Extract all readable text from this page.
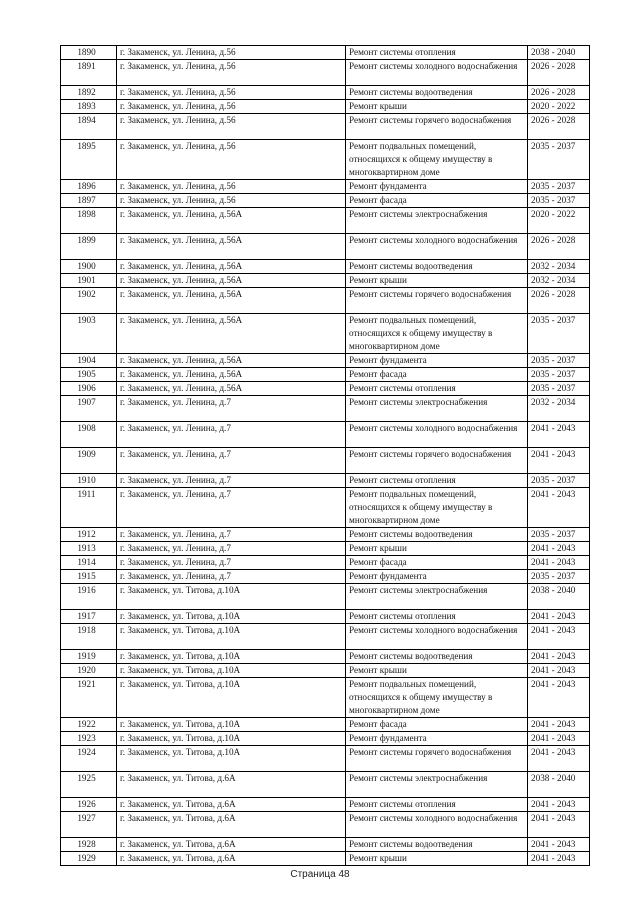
1890	г. Закаменск, ул. Ленина, д.56	Ремонт системы отопления	2038 - 2040
1891	г. Закаменск, ул. Ленина, д.56	Ремонт системы холодного водоснабжения	2026 - 2028
1892	г. Закаменск, ул. Ленина, д.56	Ремонт системы водоотведения	2026 - 2028
1893	г. Закаменск, ул. Ленина, д.56	Ремонт крыши	2020 - 2022
1894	г. Закаменск, ул. Ленина, д.56	Ремонт системы горячего водоснабжения	2026 - 2028
1895	г. Закаменск, ул. Ленина, д.56	Ремонт подвальных помещений, относящихся к общему имуществу в многоквартирном доме	2035 - 2037
1896	г. Закаменск, ул. Ленина, д.56	Ремонт фундамента	2035 - 2037
1897	г. Закаменск, ул. Ленина, д.56	Ремонт фасада	2035 - 2037
1898	г. Закаменск, ул. Ленина, д.56А	Ремонт системы электроснабжения	2020 - 2022
1899	г. Закаменск, ул. Ленина, д.56А	Ремонт системы холодного водоснабжения	2026 - 2028
1900	г. Закаменск, ул. Ленина, д.56А	Ремонт системы водоотведения	2032 - 2034
1901	г. Закаменск, ул. Ленина, д.56А	Ремонт крыши	2032 - 2034
1902	г. Закаменск, ул. Ленина, д.56А	Ремонт системы горячего водоснабжения	2026 - 2028
1903	г. Закаменск, ул. Ленина, д.56А	Ремонт подвальных помещений, относящихся к общему имуществу в многоквартирном доме	2035 - 2037
1904	г. Закаменск, ул. Ленина, д.56А	Ремонт фундамента	2035 - 2037
1905	г. Закаменск, ул. Ленина, д.56А	Ремонт фасада	2035 - 2037
1906	г. Закаменск, ул. Ленина, д.56А	Ремонт системы отопления	2035 - 2037
1907	г. Закаменск, ул. Ленина, д.7	Ремонт системы электроснабжения	2032 - 2034
1908	г. Закаменск, ул. Ленина, д.7	Ремонт системы холодного водоснабжения	2041 - 2043
1909	г. Закаменск, ул. Ленина, д.7	Ремонт системы горячего водоснабжения	2041 - 2043
1910	г. Закаменск, ул. Ленина, д.7	Ремонт системы отопления	2035 - 2037
1911	г. Закаменск, ул. Ленина, д.7	Ремонт подвальных помещений, относящихся к общему имуществу в многоквартирном доме	2041 - 2043
1912	г. Закаменск, ул. Ленина, д.7	Ремонт системы водоотведения	2035 - 2037
1913	г. Закаменск, ул. Ленина, д.7	Ремонт крыши	2041 - 2043
1914	г. Закаменск, ул. Ленина, д.7	Ремонт фасада	2041 - 2043
1915	г. Закаменск, ул. Ленина, д.7	Ремонт фундамента	2035 - 2037
1916	г. Закаменск, ул. Титова, д.10А	Ремонт системы электроснабжения	2038 - 2040
1917	г. Закаменск, ул. Титова, д.10А	Ремонт системы отопления	2041 - 2043
1918	г. Закаменск, ул. Титова, д.10А	Ремонт системы холодного водоснабжения	2041 - 2043
1919	г. Закаменск, ул. Титова, д.10А	Ремонт системы водоотведения	2041 - 2043
1920	г. Закаменск, ул. Титова, д.10А	Ремонт крыши	2041 - 2043
1921	г. Закаменск, ул. Титова, д.10А	Ремонт подвальных помещений, относящихся к общему имуществу в многоквартирном доме	2041 - 2043
1922	г. Закаменск, ул. Титова, д.10А	Ремонт фасада	2041 - 2043
1923	г. Закаменск, ул. Титова, д.10А	Ремонт фундамента	2041 - 2043
1924	г. Закаменск, ул. Титова, д.10А	Ремонт системы горячего водоснабжения	2041 - 2043
1925	г. Закаменск, ул. Титова, д.6А	Ремонт системы электроснабжения	2038 - 2040
1926	г. Закаменск, ул. Титова, д.6А	Ремонт системы отопления	2041 - 2043
1927	г. Закаменск, ул. Титова, д.6А	Ремонт системы холодного водоснабжения	2041 - 2043
1928	г. Закаменск, ул. Титова, д.6А	Ремонт системы водоотведения	2041 - 2043
1929	г. Закаменск, ул. Титова, д.6А	Ремонт крыши	2041 - 2043
Страница 48
